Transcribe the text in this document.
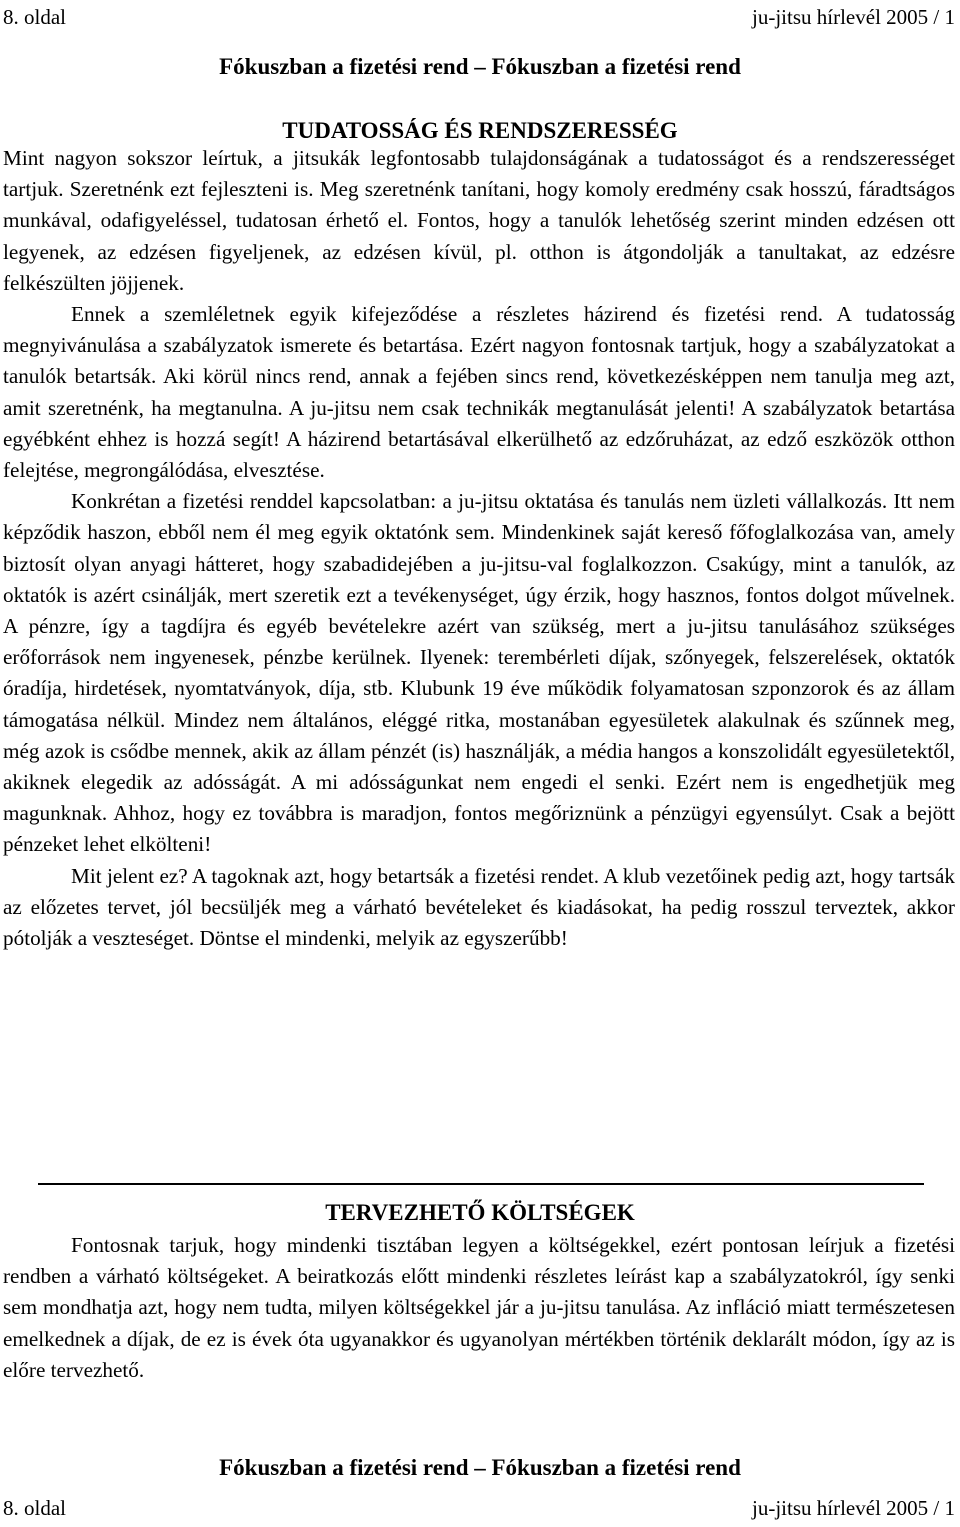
8. oldal	ju-jitsu hírlevél 2005 / 1
Fókuszban a fizetési rend – Fókuszban a fizetési rend
TUDATOSSÁG ÉS RENDSZERESSÉG

Mint nagyon sokszor leírtuk, a jitsukák legfontosabb tulajdonságának a tudatosságot és a rendszerességet tartjuk. Szeretnénk ezt fejleszteni is. Meg szeretnénk tanítani, hogy komoly eredmény csak hosszú, fáradtságos munkával, odafigyeléssel, tudatosan érhető el. Fontos, hogy a tanulók lehetőség szerint minden edzésen ott legyenek, az edzésen figyeljenek, az edzésen kívül, pl. otthon is átgondolják a tanultakat, az edzésre felkészülten jöjjenek.

Ennek a szemléletnek egyik kifejeződése a részletes házirend és fizetési rend. A tudatosság megnyivánulása a szabályzatok ismerete és betartása. Ezért nagyon fontosnak tartjuk, hogy a szabályzatokat a tanulók betartsák. Aki körül nincs rend, annak a fejében sincs rend, következésképpen nem tanulja meg azt, amit szeretnénk, ha megtanulna. A ju-jitsu nem csak technikák megtanulását jelenti! A szabályzatok betartása egyébként ehhez is hozzá segít! A házirend betartásával elkerülhető az edzőruházat, az edző eszközök otthon felejtése, megrongálódása, elvesztése.

Konkrétan a fizetési renddel kapcsolatban: a ju-jitsu oktatása és tanulás nem üzleti vállalkozás. Itt nem képződik haszon, ebből nem él meg egyik oktatónk sem. Mindenkinek saját kereső főfoglalkozása van, amely biztosít olyan anyagi hátteret, hogy szabadidejében a ju-jitsu-val foglalkozzon. Csakúgy, mint a tanulók, az oktatók is azért csinálják, mert szeretik ezt a tevékenységet, úgy érzik, hogy hasznos, fontos dolgot művelnek. A pénzre, így a tagdíjra és egyéb bevételekre azért van szükség, mert a ju-jitsu tanulásához szükséges erőforrások nem ingyenesek, pénzbe kerülnek. Ilyenek: terembérleti díjak, szőnyegek, felszerelések, oktatók óradíja, hirdetések, nyomtatványok, díja, stb. Klubunk 19 éve működik folyamatosan szponzorok és az állam támogatása nélkül. Mindez nem általános, eléggé ritka, mostanában egyesületek alakulnak és szűnnek meg, még azok is csődbe mennek, akik az állam pénzét (is) használják, a média hangos a konszolidált egyesületektől, akiknek elegedik az adósságát. A mi adósságunkat nem engedi el senki. Ezért nem is engedhetjük meg magunknak. Ahhoz, hogy ez továbbra is maradjon, fontos megőriznünk a pénzügyi egyensúlyt. Csak a bejött pénzeket lehet elkölteni!

Mit jelent ez? A tagoknak azt, hogy betartsák a fizetési rendet. A klub vezetőinek pedig azt, hogy tartsák az előzetes tervet, jól becsüljék meg a várható bevételeket és kiadásokat, ha pedig rosszul terveztek, akkor pótolják a veszteséget. Döntse el mindenki, melyik az egyszerűbb!

TERVEZHETŐ KÖLTSÉGEK

Fontosnak tarjuk, hogy mindenki tisztában legyen a költségekkel, ezért pontosan leírjuk a fizetési rendben a várható költségeket. A beiratkozás előtt mindenki részletes leírást kap a szabályzatokról, így senki sem mondhatja azt, hogy nem tudta, milyen költségekkel jár a ju-jitsu tanulása. Az infláció miatt természetesen emelkednek a díjak, de ez is évek óta ugyanakkor és ugyanolyan mértékben történik deklarált módon, így az is előre tervezhető.

Fókuszban a fizetési rend – Fókuszban a fizetési rend
8. oldal	ju-jitsu hírlevél 2005 / 1
